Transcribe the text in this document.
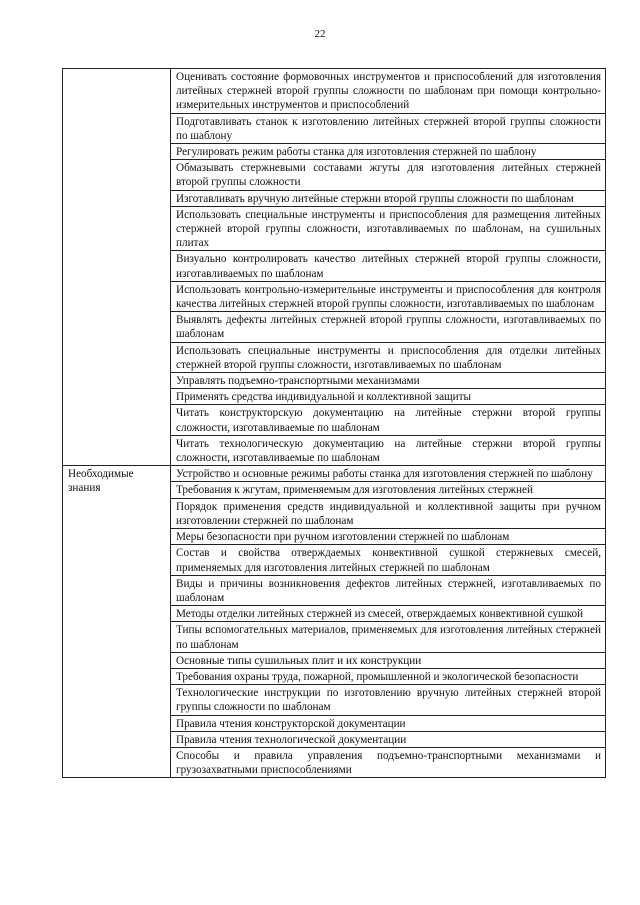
22

	Оценивать состояние формовочных инструментов и приспособлений для изготовления литейных стержней второй группы сложности по шаблонам при помощи контрольно-измерительных инструментов и приспособлений

	Подготавливать станок к изготовлению литейных стержней второй группы сложности по шаблону

	Регулировать режим работы станка для изготовления стержней по шаблону

	Обмазывать стержневыми составами жгуты для изготовления литейных стержней второй группы сложности

	Изготавливать вручную литейные стержни второй группы сложности по шаблонам

	Использовать специальные инструменты и приспособления для размещения литейных стержней второй группы сложности, изготавливаемых по шаблонам, на сушильных плитах

	Визуально контролировать качество литейных стержней второй группы сложности, изготавливаемых по шаблонам

	Использовать контрольно-измерительные инструменты и приспособления для контроля качества литейных стержней второй группы сложности, изготавливаемых по шаблонам

	Выявлять дефекты литейных стержней второй группы сложности, изготавливаемых по шаблонам

	Использовать специальные инструменты и приспособления для отделки литейных стержней второй группы сложности, изготавливаемых по шаблонам

	Управлять подъемно-транспортными механизмами

	Применять средства индивидуальной и коллективной защиты

	Читать конструкторскую документацию на литейные стержни второй группы сложности, изготавливаемые по шаблонам

	Читать технологическую документацию на литейные стержни второй группы сложности, изготавливаемые по шаблонам

Необходимые знания	Устройство и основные режимы работы станка для изготовления стержней по шаблону

	Требования к жгутам, применяемым для изготовления литейных стержней

	Порядок применения средств индивидуальной и коллективной защиты при ручном изготовлении стержней по шаблонам

	Меры безопасности при ручном изготовлении стержней по шаблонам

	Состав и свойства отверждаемых конвективной сушкой стержневых смесей, применяемых для изготовления литейных стержней по шаблонам

	Виды и причины возникновения дефектов литейных стержней, изготавливаемых по шаблонам

	Методы отделки литейных стержней из смесей, отверждаемых конвективной сушкой

	Типы вспомогательных материалов, применяемых для изготовления литейных стержней по шаблонам

	Основные типы сушильных плит и их конструкции

	Требования охраны труда, пожарной, промышленной и экологической безопасности

	Технологические инструкции по изготовлению вручную литейных стержней второй группы сложности по шаблонам

	Правила чтения конструкторской документации

	Правила чтения технологической документации

	Способы и правила управления подъемно-транспортными механизмами и грузозахватными приспособлениями
